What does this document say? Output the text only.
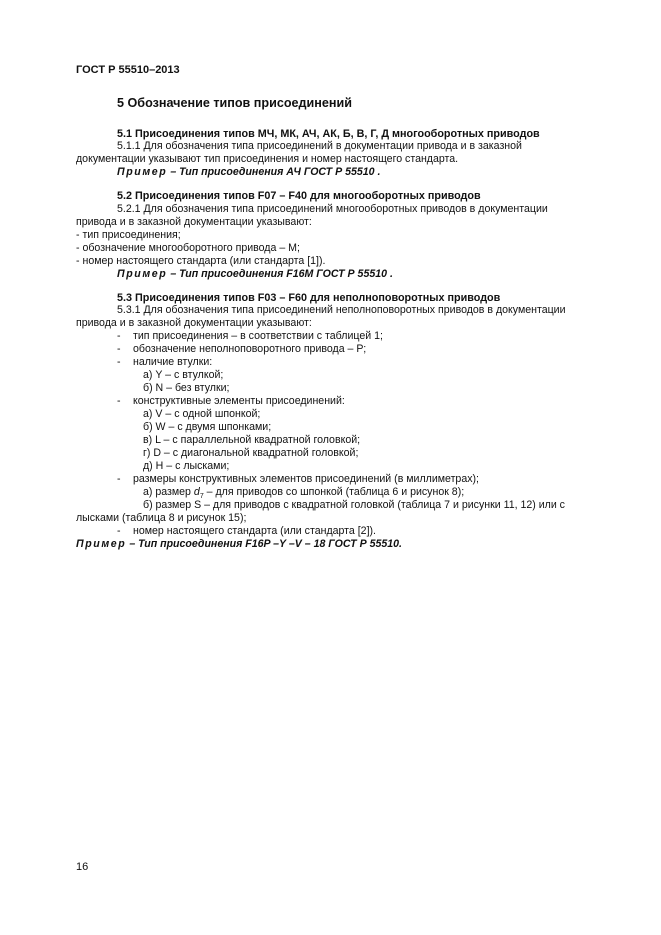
ГОСТ Р 55510–2013
5 Обозначение типов присоединений
5.1 Присоединения типов МЧ, МК, АЧ, АК, Б, В, Г, Д многооборотных приводов
5.1.1 Для обозначения типа присоединений в документации привода и в заказной
документации указывают тип присоединения и номер настоящего стандарта.
Пример – Тип присоединения АЧ ГОСТ Р 55510 .
5.2 Присоединения типов F07 – F40 для многооборотных приводов
5.2.1 Для обозначения типа присоединений многооборотных приводов в документации
привода и в заказной документации указывают:
- тип присоединения;
- обозначение многооборотного привода – М;
- номер настоящего стандарта (или стандарта [1]).
Пример – Тип присоединения F16M ГОСТ Р 55510 .
5.3 Присоединения типов F03 – F60 для неполноповоротных приводов
5.3.1 Для обозначения типа присоединений неполноповоротных приводов в документации
привода и в заказной документации указывают:
- тип присоединения – в соответствии с таблицей 1;
- обозначение неполноповоротного привода – Р;
- наличие втулки:
а) Y – с втулкой;
б) N – без втулки;
- конструктивные элементы присоединений:
а) V – с одной шпонкой;
б) W – с двумя шпонками;
в) L – с параллельной квадратной головкой;
г) D – с диагональной квадратной головкой;
д) H – с лысками;
- размеры конструктивных элементов присоединений (в миллиметрах);
а) размер $d_7$ – для приводов со шпонкой (таблица 6 и рисунок 8);
б) размер S – для приводов с квадратной головкой (таблица 7 и рисунки 11, 12) или с
лысками (таблица 8 и рисунок 15);
- номер настоящего стандарта (или стандарта [2]).
Пример – Тип присоединения F16P –Y –V – 18 ГОСТ Р 55510.
16
